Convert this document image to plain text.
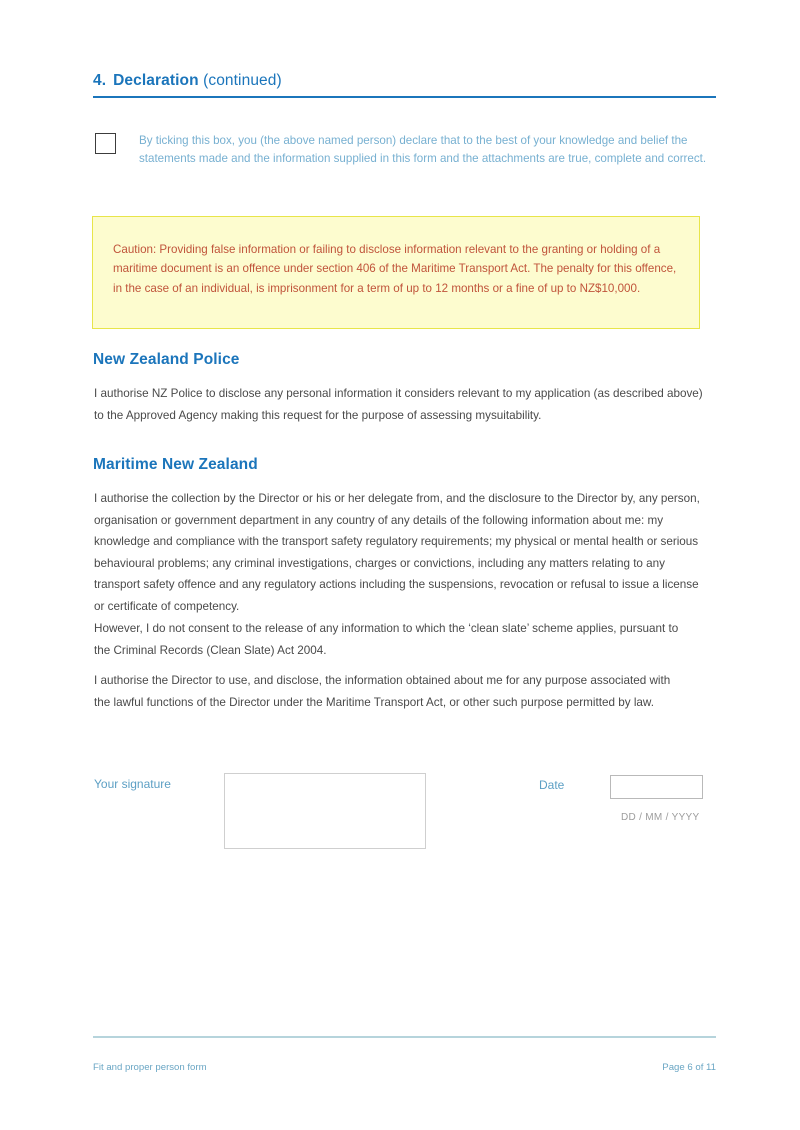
4. Declaration (continued)
By ticking this box, you (the above named person) declare that to the best of your knowledge and belief the statements made and the information supplied in this form and the attachments are true, complete and correct.
Caution: Providing false information or failing to disclose information relevant to the granting or holding of a maritime document is an offence under section 406 of the Maritime Transport Act. The penalty for this offence, in the case of an individual, is imprisonment for a term of up to 12 months or a fine of up to NZ$10,000.
New Zealand Police
I authorise NZ Police to disclose any personal information it considers relevant to my application (as described above) to the Approved Agency making this request for the purpose of assessing mysuitability.
Maritime New Zealand
I authorise the collection by the Director or his or her delegate from, and the disclosure to the Director by, any person, organisation or government department in any country of any details of the following information about me: my knowledge and compliance with the transport safety regulatory requirements; my physical or mental health or serious behavioural problems; any criminal investigations, charges or convictions, including any matters relating to any transport safety offence and any regulatory actions including the suspensions, revocation or refusal to issue a license or certificate of competency.
However, I do not consent to the release of any information to which the ‘clean slate’ scheme applies, pursuant to the Criminal Records (Clean Slate) Act 2004.
I authorise the Director to use, and disclose, the information obtained about me for any purpose associated with the lawful functions of the Director under the Maritime Transport Act, or other such purpose permitted by law.
Your signature	Date
DD / MM / YYYY
Fit and proper person form	Page 6 of 11
